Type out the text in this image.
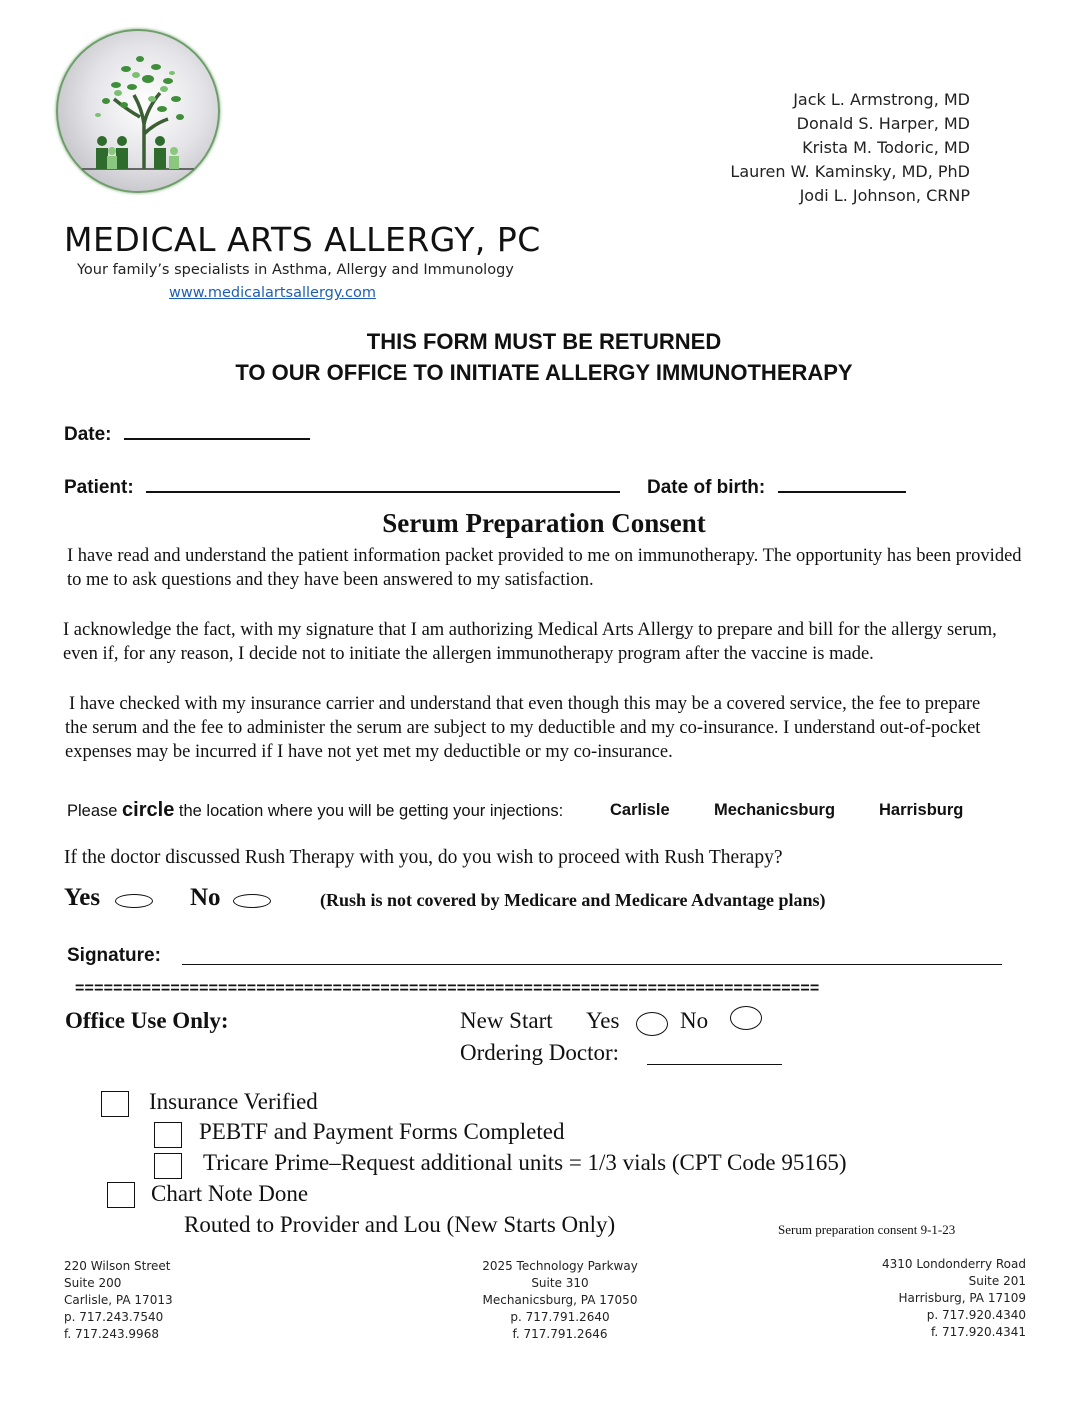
Jack L. Armstrong, MD
Donald S. Harper, MD
Krista M. Todoric, MD
Lauren W. Kaminsky, MD, PhD
Jodi L. Johnson, CRNP
MEDICAL ARTS ALLERGY, PC
Your family’s specialists in Asthma, Allergy and Immunology
www.medicalartsallergy.com
THIS FORM MUST BE RETURNED
TO OUR OFFICE TO INITIATE ALLERGY IMMUNOTHERAPY
Date:
Patient:	Date of birth:
Serum Preparation Consent
I have read and understand the patient information packet provided to me on immunotherapy. The opportunity has been provided to me to ask questions and they have been answered to my satisfaction.
I acknowledge the fact, with my signature that I am authorizing Medical Arts Allergy to prepare and bill for the allergy serum, even if, for any reason, I decide not to initiate the allergen immunotherapy program after the vaccine is made.
I have checked with my insurance carrier and understand that even though this may be a covered service, the fee to prepare the serum and the fee to administer the serum are subject to my deductible and my co-insurance. I understand out-of-pocket expenses may be incurred if I have not yet met my deductible or my co-insurance.
Please circle the location where you will be getting your injections:	Carlisle	Mechanicsburg	Harrisburg
If the doctor discussed Rush Therapy with you, do you wish to proceed with Rush Therapy?
Yes	No	(Rush is not covered by Medicare and Medicare Advantage plans)
Signature:
==============================================================================
Office Use Only:	New Start Yes	No
Ordering Doctor:
Insurance Verified
PEBTF and Payment Forms Completed
Tricare Prime–Request additional units = 1/3 vials (CPT Code 95165)
Chart Note Done
Routed to Provider and Lou (New Starts Only)	Serum preparation consent 9-1-23
220 Wilson Street
Suite 200
Carlisle, PA 17013
p. 717.243.7540
f. 717.243.9968
2025 Technology Parkway
Suite 310
Mechanicsburg, PA 17050
p. 717.791.2640
f. 717.791.2646
4310 Londonderry Road
Suite 201
Harrisburg, PA 17109
p. 717.920.4340
f. 717.920.4341
